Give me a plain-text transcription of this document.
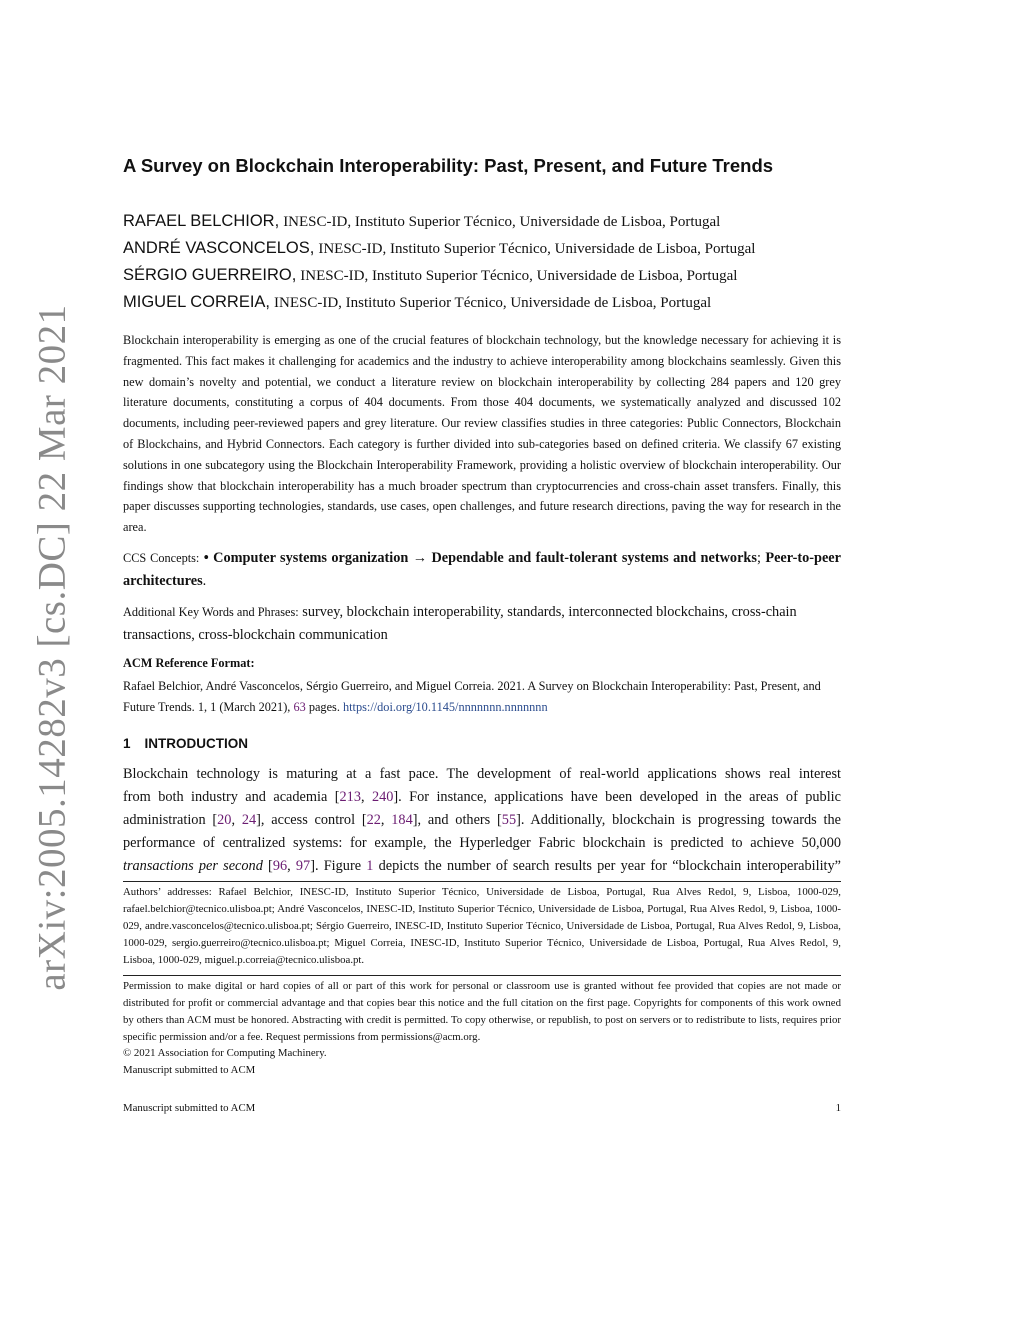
arXiv:2005.14282v3 [cs.DC] 22 Mar 2021
A Survey on Blockchain Interoperability: Past, Present, and Future Trends
RAFAEL BELCHIOR, INESC-ID, Instituto Superior Técnico, Universidade de Lisboa, Portugal
ANDRÉ VASCONCELOS, INESC-ID, Instituto Superior Técnico, Universidade de Lisboa, Portugal
SÉRGIO GUERREIRO, INESC-ID, Instituto Superior Técnico, Universidade de Lisboa, Portugal
MIGUEL CORREIA, INESC-ID, Instituto Superior Técnico, Universidade de Lisboa, Portugal

Blockchain interoperability is emerging as one of the crucial features of blockchain technology, but the knowledge necessary for achieving it is fragmented. This fact makes it challenging for academics and the industry to achieve interoperability among blockchains seamlessly. Given this new domain’s novelty and potential, we conduct a literature review on blockchain interoperability by collecting 284 papers and 120 grey literature documents, constituting a corpus of 404 documents. From those 404 documents, we systematically analyzed and discussed 102 documents, including peer-reviewed papers and grey literature. Our review classifies studies in three categories: Public Connectors, Blockchain of Blockchains, and Hybrid Connectors. Each category is further divided into sub-categories based on defined criteria. We classify 67 existing solutions in one subcategory using the Blockchain Interoperability Framework, providing a holistic overview of blockchain interoperability. Our findings show that blockchain interoperability has a much broader spectrum than cryptocurrencies and cross-chain asset transfers. Finally, this paper discusses supporting technologies, standards, use cases, open challenges, and future research directions, paving the way for research in the area.

CCS Concepts: • Computer systems organization → Dependable and fault-tolerant systems and networks; Peer-to-peer architectures.

Additional Key Words and Phrases: survey, blockchain interoperability, standards, interconnected blockchains, cross-chain transactions, cross-blockchain communication

ACM Reference Format:

Rafael Belchior, André Vasconcelos, Sérgio Guerreiro, and Miguel Correia. 2021. A Survey on Blockchain Interoperability: Past, Present, and Future Trends. 1, 1 (March 2021), 63 pages. https://doi.org/10.1145/nnnnnnn.nnnnnnn

1 INTRODUCTION

Blockchain technology is maturing at a fast pace. The development of real-world applications shows real interest
from both industry and academia [213, 240]. For instance, applications have been developed in the areas of public
administration [20, 24], access control [22, 184], and others [55]. Additionally, blockchain is progressing towards the
performance of centralized systems: for example, the Hyperledger Fabric blockchain is predicted to achieve 50,000
transactions per second [96, 97]. Figure 1 depicts the number of search results per year for “blockchain interoperability”

Authors’ addresses: Rafael Belchior, INESC-ID, Instituto Superior Técnico, Universidade de Lisboa, Portugal, Rua Alves Redol, 9, Lisboa, 1000-029, rafael.belchior@tecnico.ulisboa.pt; André Vasconcelos, INESC-ID, Instituto Superior Técnico, Universidade de Lisboa, Portugal, Rua Alves Redol, 9, Lisboa, 1000-029, andre.vasconcelos@tecnico.ulisboa.pt; Sérgio Guerreiro, INESC-ID, Instituto Superior Técnico, Universidade de Lisboa, Portugal, Rua Alves Redol, 9, Lisboa, 1000-029, sergio.guerreiro@tecnico.ulisboa.pt; Miguel Correia, INESC-ID, Instituto Superior Técnico, Universidade de Lisboa, Portugal, Rua Alves Redol, 9, Lisboa, 1000-029, miguel.p.correia@tecnico.ulisboa.pt.

Permission to make digital or hard copies of all or part of this work for personal or classroom use is granted without fee provided that copies are not made or distributed for profit or commercial advantage and that copies bear this notice and the full citation on the first page. Copyrights for components of this work owned by others than ACM must be honored. Abstracting with credit is permitted. To copy otherwise, or republish, to post on servers or to redistribute to lists, requires prior specific permission and/or a fee. Request permissions from permissions@acm.org.

© 2021 Association for Computing Machinery.

Manuscript submitted to ACM

Manuscript submitted to ACM	1
